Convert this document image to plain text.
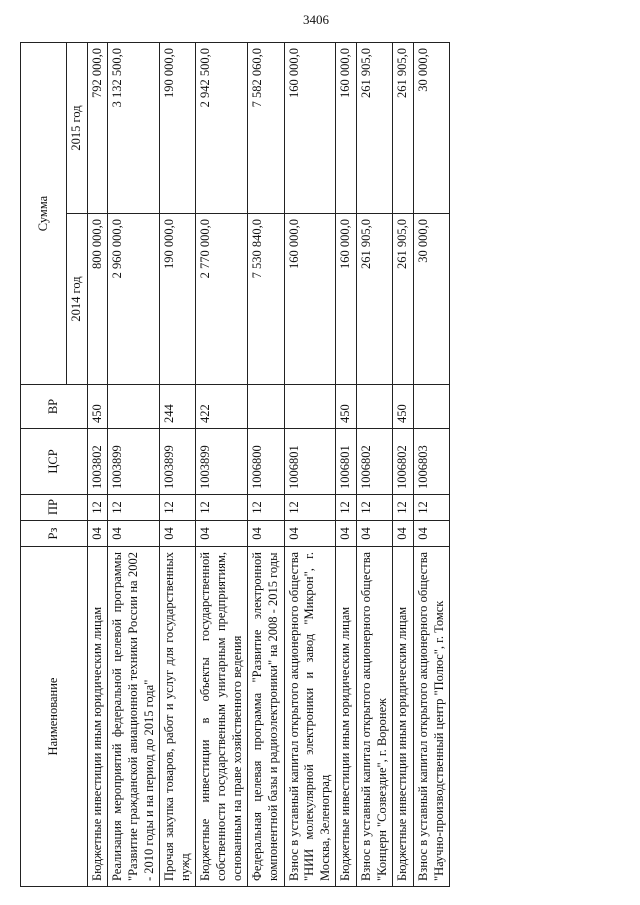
3406
Наименование	Рз	ПР	ЦСР	ВР	Сумма	
					2014 год	2015 год
Бюджетные инвестиции иным юридическим лицам	04	12	1003802	450	800 000,0	792 000,0
Реализация мероприятий федеральной целевой программы "Развитие гражданской авиационной техники России на 2002 - 2010 годы и на период до 2015 года"	04	12	1003899		2 960 000,0	3 132 500,0
Прочая закупка товаров, работ и услуг для государственных нужд	04	12	1003899	244	190 000,0	190 000,0
Бюджетные инвестиции в объекты государственной собственности государственным унитарным предприятиям, основанным на праве хозяйственного ведения	04	12	1003899	422	2 770 000,0	2 942 500,0
Федеральная целевая программа "Развитие электронной компонентной базы и радиоэлектроники" на 2008 - 2015 годы	04	12	1006800		7 530 840,0	7 582 060,0
Взнос в уставный капитал открытого акционерного общества "НИИ молекулярной электроники и завод "Микрон", г. Москва, Зеленоград	04	12	1006801		160 000,0	160 000,0
Бюджетные инвестиции иным юридическим лицам	04	12	1006801	450	160 000,0	160 000,0
Взнос в уставный капитал открытого акционерного общества "Концерн "Созвездие", г. Воронеж	04	12	1006802		261 905,0	261 905,0
Бюджетные инвестиции иным юридическим лицам	04	12	1006802	450	261 905,0	261 905,0
Взнос в уставный капитал открытого акционерного общества "Научно-производственный центр "Полюс", г. Томск	04	12	1006803		30 000,0	30 000,0
